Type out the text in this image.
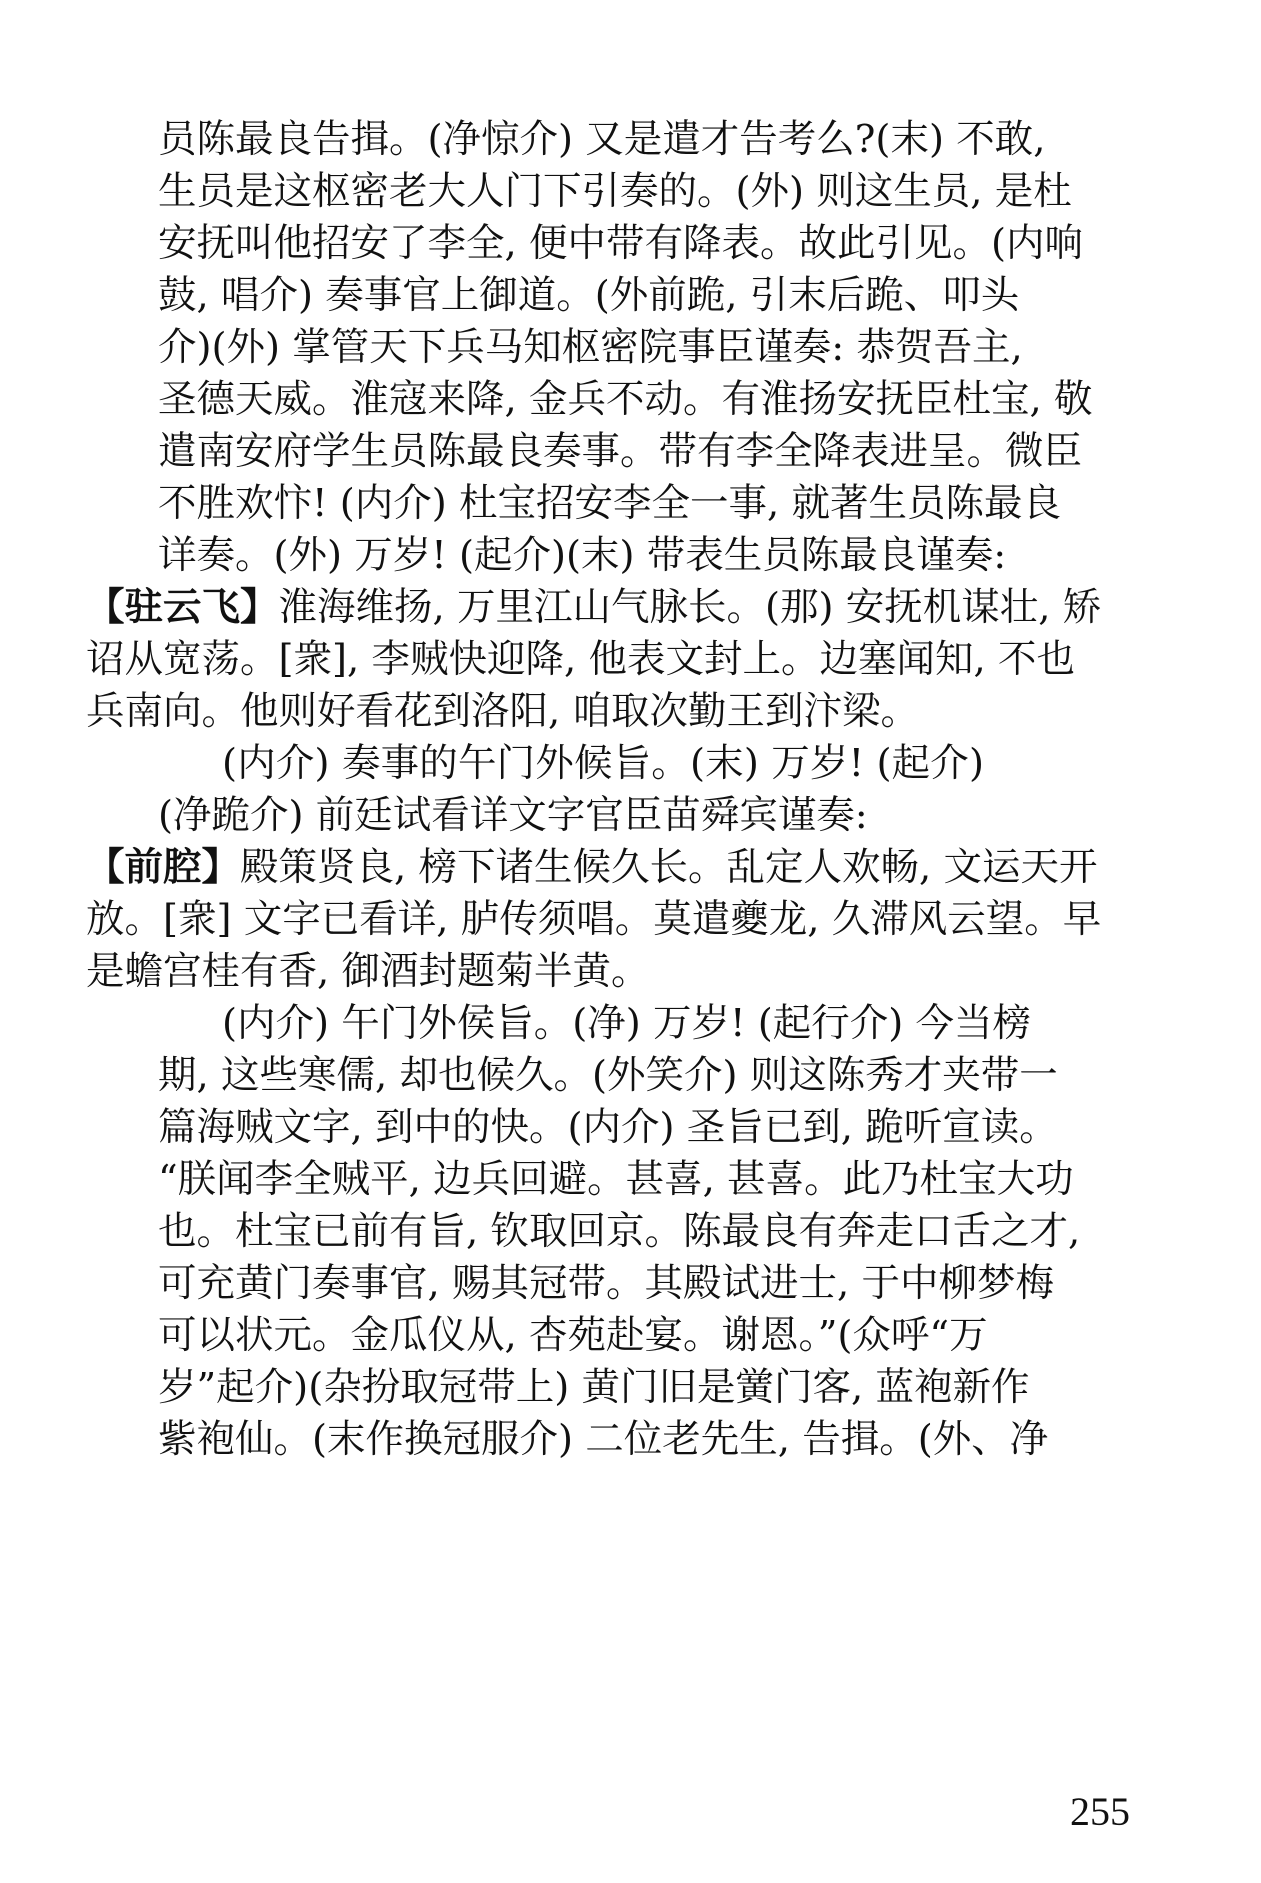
员陈最良告揖。(净惊介) 又是遣才告考么?(末) 不敢,
生员是这枢密老大人门下引奏的。(外) 则这生员, 是杜
安抚叫他招安了李全, 便中带有降表。故此引见。(内响
鼓, 唱介) 奏事官上御道。(外前跪, 引末后跪、叩头
介)(外) 掌管天下兵马知枢密院事臣谨奏: 恭贺吾主,
圣德天威。淮寇来降, 金兵不动。有淮扬安抚臣杜宝, 敬
遣南安府学生员陈最良奏事。带有李全降表进呈。微臣
不胜欢忭! (内介) 杜宝招安李全一事, 就著生员陈最良
详奏。(外) 万岁! (起介)(末) 带表生员陈最良谨奏:
【驻云飞】淮海维扬, 万里江山气脉长。(那) 安抚机谋壮, 矫
诏从宽荡。[衆], 李贼快迎降, 他表文封上。边塞闻知, 不也
兵南向。他则好看花到洛阳, 咱取次勤王到汴梁。
(内介) 奏事的午门外候旨。(末) 万岁! (起介)
(净跪介) 前廷试看详文字官臣苗舜宾谨奏:
【前腔】殿策贤良, 榜下诸生候久长。乱定人欢畅, 文运天开
放。[衆] 文字已看详, 胪传须唱。莫遣夔龙, 久滞风云望。早
是蟾宫桂有香, 御酒封题菊半黄。
(内介) 午门外侯旨。(净) 万岁! (起行介) 今当榜
期, 这些寒儒, 却也候久。(外笑介) 则这陈秀才夹带一
篇海贼文字, 到中的快。(内介) 圣旨已到, 跪听宣读。
“朕闻李全贼平, 边兵回避。甚喜, 甚喜。此乃杜宝大功
也。杜宝已前有旨, 钦取回京。陈最良有奔走口舌之才,
可充黄门奏事官, 赐其冠带。其殿试进士, 于中柳梦梅
可以状元。金瓜仪从, 杏苑赴宴。谢恩。”(众呼“万
岁”起介)(杂扮取冠带上) 黄门旧是黉门客, 蓝袍新作
紫袍仙。(末作换冠服介) 二位老先生, 告揖。(外、净
255
